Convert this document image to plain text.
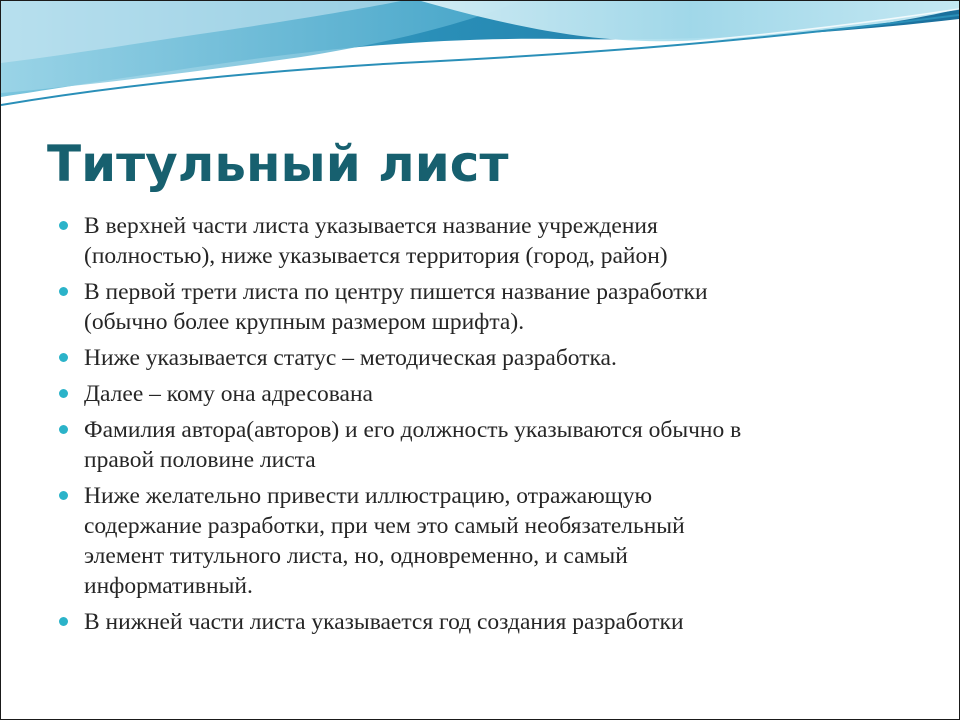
Титульный лист
В верхней части листа указывается название учреждения
(полностью), ниже указывается территория (город, район)
В первой трети листа по центру пишется название разработки
(обычно более крупным размером шрифта).
Ниже указывается статус – методическая разработка.
Далее – кому она адресована
Фамилия автора(авторов) и его должность указываются обычно в
правой половине листа
Ниже желательно привести иллюстрацию, отражающую
содержание разработки, при чем это самый необязательный
элемент титульного листа, но, одновременно, и самый
информативный.
В нижней части листа указывается год создания разработки
